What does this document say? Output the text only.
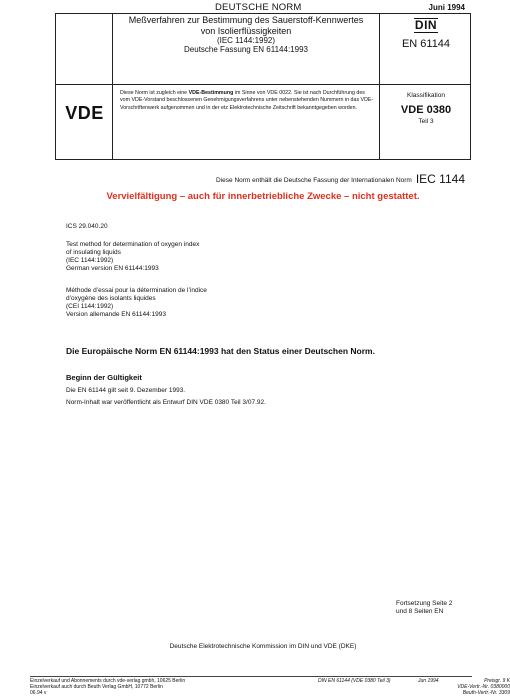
DEUTSCHE NORM	Juni 1994
Meßverfahren zur Bestimmung des Sauerstoff-Kennwertes
von Isolierflüssigkeiten
(IEC 1144:1992)
Deutsche Fassung EN 61144:1993
DIN
EN 61144
VDE
Diese Norm ist zugleich eine VDE-Bestimmung im Sinne von VDE 0022. Sie ist nach Durchführung des vom VDE-Vorstand beschlossenen Genehmigungsverfahrens unter nebenstehenden Nummern in das VDE-Vorschriftenwerk aufgenommen und in der etz Elektrotechnische Zeitschrift bekanntgegeben worden.
Klassifikation
VDE 0380
Teil 3
Diese Norm enthält die Deutsche Fassung der Internationalen Norm IEC 1144
Vervielfältigung – auch für innerbetriebliche Zwecke – nicht gestattet.
ICS 29.040.20
Test method for determination of oxygen index
of insulating liquids
(IEC 1144:1992)
German version EN 61144:1993
Méthode d’essai pour la détermination de l’indice
d’oxygène des isolants liquides
(CEI 1144:1992)
Version allemande EN 61144:1993
Die Europäische Norm EN 61144:1993 hat den Status einer Deutschen Norm.
Beginn der Gültigkeit
Die EN 61144 gilt seit 9. Dezember 1993.
Norm-Inhalt war veröffentlicht als Entwurf DIN VDE 0380 Teil 3/07.92.
Fortsetzung Seite 2
und 8 Seiten EN
Deutsche Elektrotechnische Kommission im DIN und VDE (DKE)
Einzelverkauf und Abonnements durch vde-verlag gmbh, 10625 Berlin
Einzelverkauf auch durch Beuth Verlag GmbH, 10772 Berlin
06.94 v
DIN EN 61144 (VDE 0380 Teil 3)	Jun 1994	Preisgr. 9 K
VDE-Vertr.-Nr. 0380000
Beuth-Vertr.-Nr. 3309
